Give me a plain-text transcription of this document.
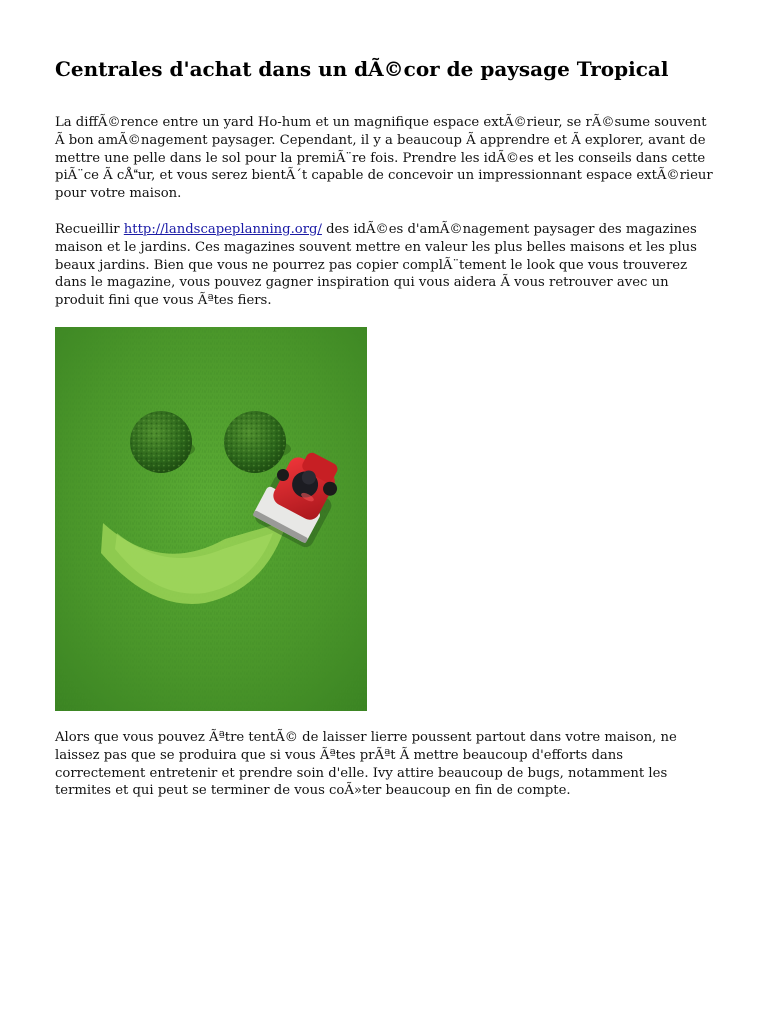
Centrales d'achat dans un dÃ©cor de paysage Tropical

La diffÃ©rence entre un yard Ho-hum et un magnifique espace extÃ©rieur, se rÃ©sume souvent Ã bon amÃ©nagement paysager. Cependant, il y a beaucoup Ã apprendre et Ã explorer, avant de mettre une pelle dans le sol pour la premiÃ¨re fois. Prendre les idÃ©es et les conseils dans cette piÃ¨ce Ã cÅur, et vous serez bientÃ´t capable de concevoir un impressionnant espace extÃ©rieur pour votre maison.

Recueillir http://landscapeplanning.org/ des idÃ©es d'amÃ©nagement paysager des magazines maison et le jardins. Ces magazines souvent mettre en valeur les plus belles maisons et les plus beaux jardins. Bien que vous ne pourrez pas copier complÃ¨tement le look que vous trouverez dans le magazine, vous pouvez gagner inspiration qui vous aidera Ã vous retrouver avec un produit fini que vous Ãªtes fiers.

Alors que vous pouvez Ãªtre tentÃ© de laisser lierre poussent partout dans votre maison, ne laissez pas que se produira que si vous Ãªtes prÃªt Ã mettre beaucoup d'efforts dans correctement entretenir et prendre soin d'elle. Ivy attire beaucoup de bugs, notamment les termites et qui peut se terminer de vous coÃ»ter beaucoup en fin de compte.
